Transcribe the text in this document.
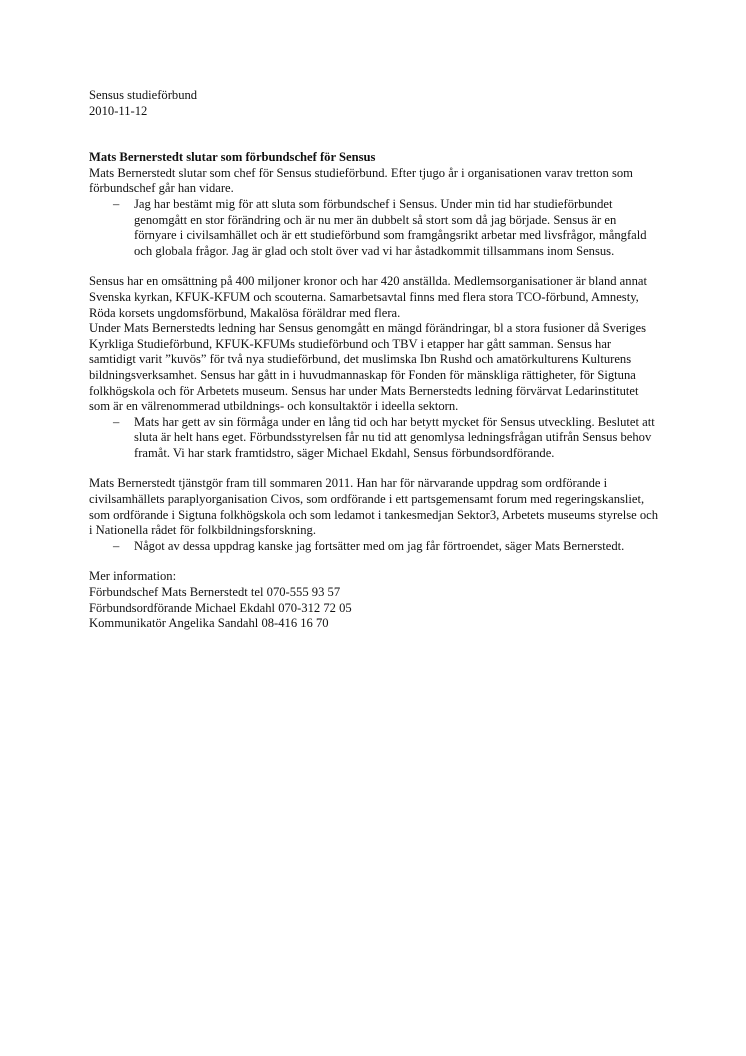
Sensus studieförbund

2010-11-12

Mats Bernerstedt slutar som förbundschef för Sensus

Mats Bernerstedt slutar som chef för Sensus studieförbund. Efter tjugo år i organisationen varav tretton som förbundschef går han vidare.

– Jag har bestämt mig för att sluta som förbundschef i Sensus. Under min tid har studieförbundet genomgått en stor förändring och är nu mer än dubbelt så stort som då jag började. Sensus är en förnyare i civilsamhället och är ett studieförbund som framgångsrikt arbetar med livsfrågor, mångfald och globala frågor. Jag är glad och stolt över vad vi har åstadkommit tillsammans inom Sensus.

Sensus har en omsättning på 400 miljoner kronor och har 420 anställda. Medlemsorganisationer är bland annat Svenska kyrkan, KFUK-KFUM och scouterna. Samarbetsavtal finns med flera stora TCO-förbund, Amnesty, Röda korsets ungdomsförbund, Makalösa föräldrar med flera.

Under Mats Bernerstedts ledning har Sensus genomgått en mängd förändringar, bl a stora fusioner då Sveriges Kyrkliga Studieförbund, KFUK-KFUMs studieförbund och TBV i etapper har gått samman. Sensus har samtidigt varit ”kuvös” för två nya studieförbund, det muslimska Ibn Rushd och amatörkulturens Kulturens bildningsverksamhet. Sensus har gått in i huvudmannaskap för Fonden för mänskliga rättigheter, för Sigtuna folkhögskola och för Arbetets museum. Sensus har under Mats Bernerstedts ledning förvärvat Ledarinstitutet som är en välrenommerad utbildnings- och konsultaktör i ideella sektorn.

– Mats har gett av sin förmåga under en lång tid och har betytt mycket för Sensus utveckling. Beslutet att sluta är helt hans eget. Förbundsstyrelsen får nu tid att genomlysa ledningsfrågan utifrån Sensus behov framåt. Vi har stark framtidstro, säger Michael Ekdahl, Sensus förbundsordförande.

Mats Bernerstedt tjänstgör fram till sommaren 2011. Han har för närvarande uppdrag som ordförande i civilsamhällets paraplyorganisation Civos, som ordförande i ett partsgemensamt forum med regeringskansliet, som ordförande i Sigtuna folkhögskola och som ledamot i tankesmedjan Sektor3, Arbetets museums styrelse och i Nationella rådet för folkbildningsforskning.

– Något av dessa uppdrag kanske jag fortsätter med om jag får förtroendet, säger Mats Bernerstedt.

Mer information:

Förbundschef Mats Bernerstedt tel 070-555 93 57

Förbundsordförande Michael Ekdahl 070-312 72 05

Kommunikatör Angelika Sandahl 08-416 16 70
